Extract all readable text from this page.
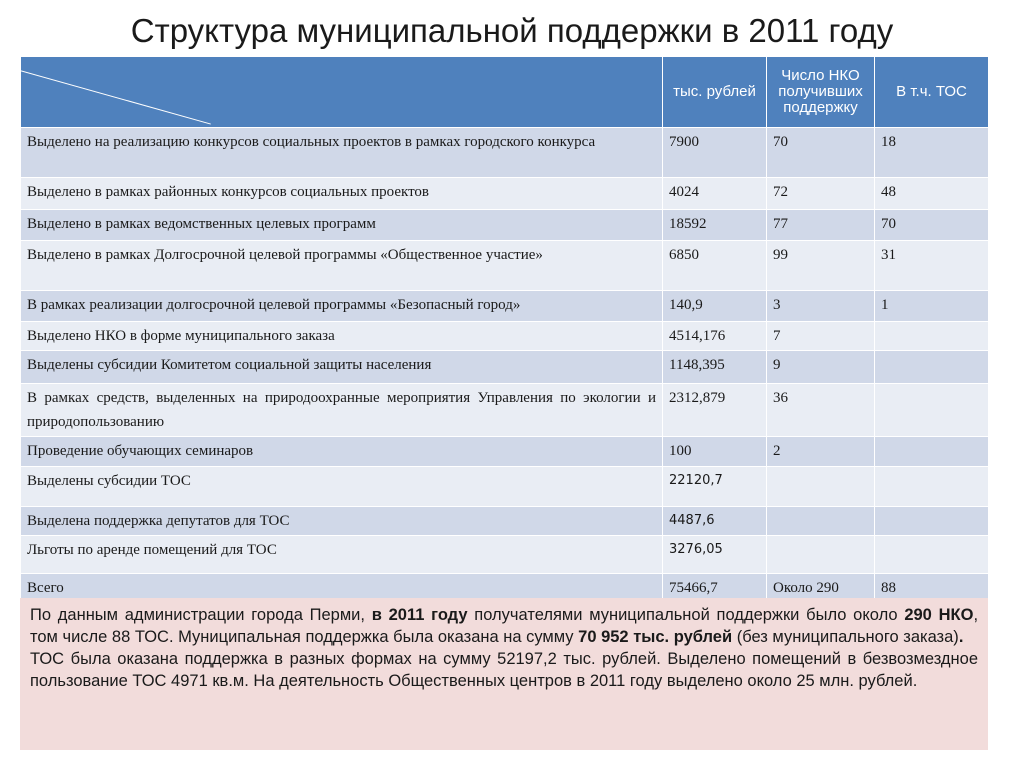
Структура муниципальной поддержки в 2011 году
	тыс. рублей	Число НКО получивших поддержку	В т.ч. ТОС
Выделено на реализацию конкурсов социальных проектов в рамках городского конкурса	7900	70	18
Выделено в рамках районных конкурсов социальных проектов	4024	72	48
Выделено в рамках ведомственных целевых программ	18592	77	70
Выделено в рамках Долгосрочной целевой программы «Общественное участие»	6850	99	31
В рамках реализации долгосрочной целевой программы «Безопасный город»	140,9	3	1
Выделено НКО в форме муниципального заказа	4514,176	7	
Выделены субсидии Комитетом социальной защиты населения	1148,395	9	
В рамках средств, выделенных на природоохранные мероприятия Управления по экологии и природопользованию	2312,879	36	
Проведение обучающих семинаров	100	2	
Выделены субсидии ТОС	22120,7		
Выделена поддержка депутатов для ТОС	4487,6		
Льготы по аренде помещений для ТОС	3276,05		
Всего	75466,7	Около 290	88

По данным администрации города Перми, в 2011 году получателями муниципальной поддержки было около 290 НКО, том числе 88 ТОС. Муниципальная поддержка была оказана на сумму 70 952 тыс. рублей (без муниципального заказа).

ТОС была оказана поддержка в разных формах на сумму 52197,2 тыс. рублей. Выделено помещений в безвозмездное пользование ТОС 4971 кв.м. На деятельность Общественных центров в 2011 году выделено около 25 млн. рублей.
